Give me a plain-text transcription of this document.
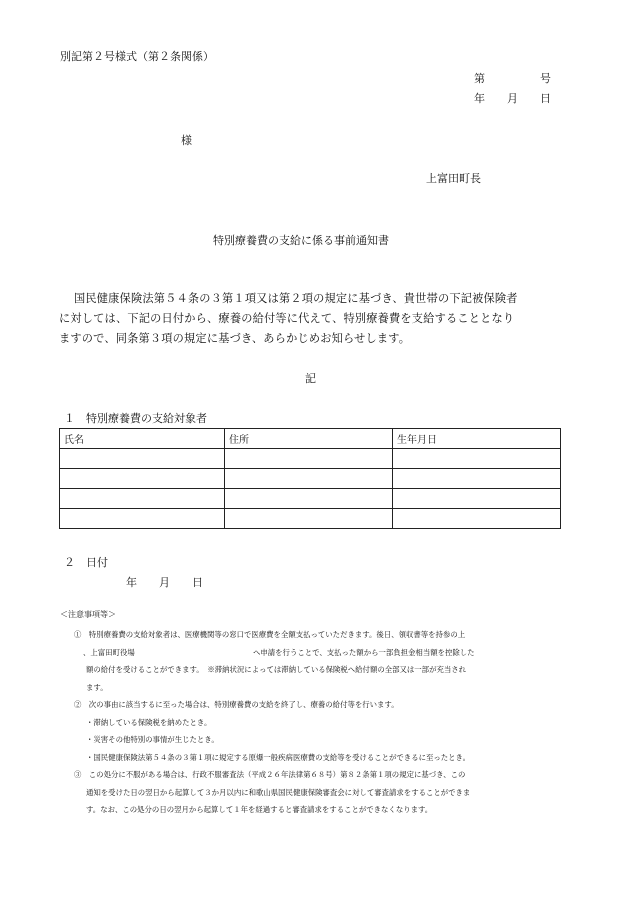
別記第２号様式（第２条関係）
第　　　　　号
年　　月　　日
様
上富田町長
特別療養費の支給に係る事前通知書
国民健康保険法第５４条の３第１項又は第２項の規定に基づき、貴世帯の下記被保険者
に対しては、下記の日付から、療養の給付等に代えて、特別療養費を支給することとなり
ますので、同条第３項の規定に基づき、あらかじめお知らせします。
記
１　特別療養費の支給対象者
氏名	住所	生年月日

２　日付
年　　月　　日
＜注意事項等＞
①　特別療養費の支給対象者は、医療機関等の窓口で医療費を全額支払っていただきます。後日、領収書等を持参の上
、上富田町役場　　　　　　　　　　　　　　　　へ申請を行うことで、支払った額から一部負担金相当額を控除した
額の給付を受けることができます。　※滞納状況によっては滞納している保険税へ給付額の全部又は一部が充当され
ます。
②　次の事由に該当するに至った場合は、特別療養費の支給を終了し、療養の給付等を行います。
・滞納している保険税を納めたとき。
・災害その他特別の事情が生じたとき。
・国民健康保険法第５４条の３第１項に規定する原爆一般疾病医療費の支給等を受けることができるに至ったとき。
③　この処分に不服がある場合は、行政不服審査法（平成２６年法律第６８号）第８２条第１項の規定に基づき、この
通知を受けた日の翌日から起算して３か月以内に和歌山県国民健康保険審査会に対して審査請求をすることができま
す。なお、この処分の日の翌月から起算して１年を経過すると審査請求をすることができなくなります。
